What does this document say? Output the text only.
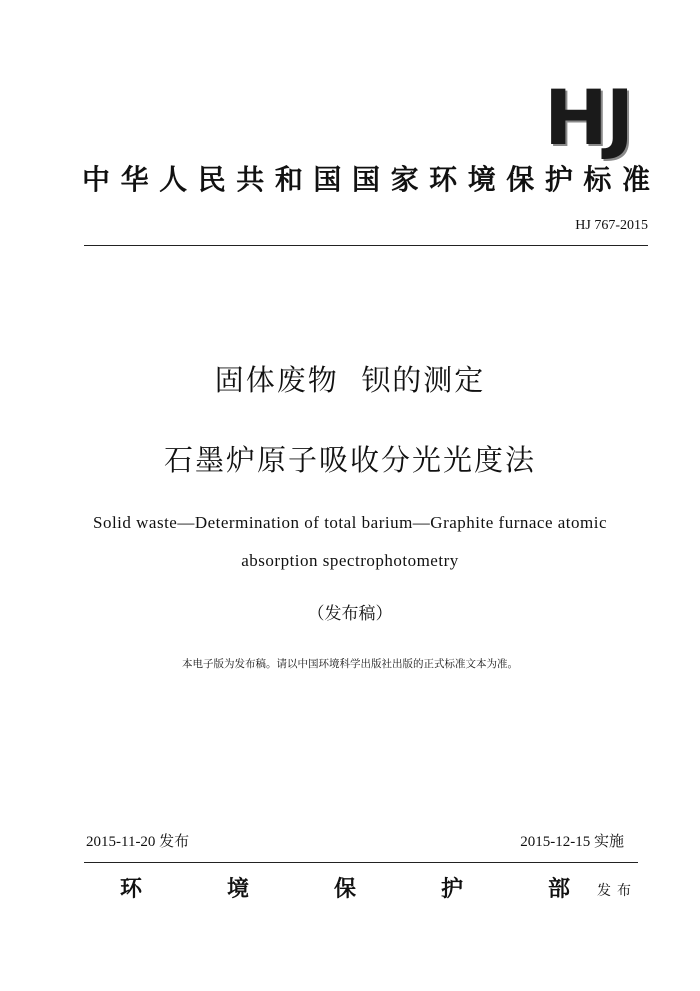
HJ
中华人民共和国国家环境保护标准
HJ 767-2015
固体废物  钡的测定
石墨炉原子吸收分光光度法
Solid waste—Determination of total barium—Graphite furnace atomic
absorption spectrophotometry
（发布稿）
本电子版为发布稿。请以中国环境科学出版社出版的正式标准文本为准。
2015-11-20 发布	2015-12-15 实施
环	境	保	护	部 发布
